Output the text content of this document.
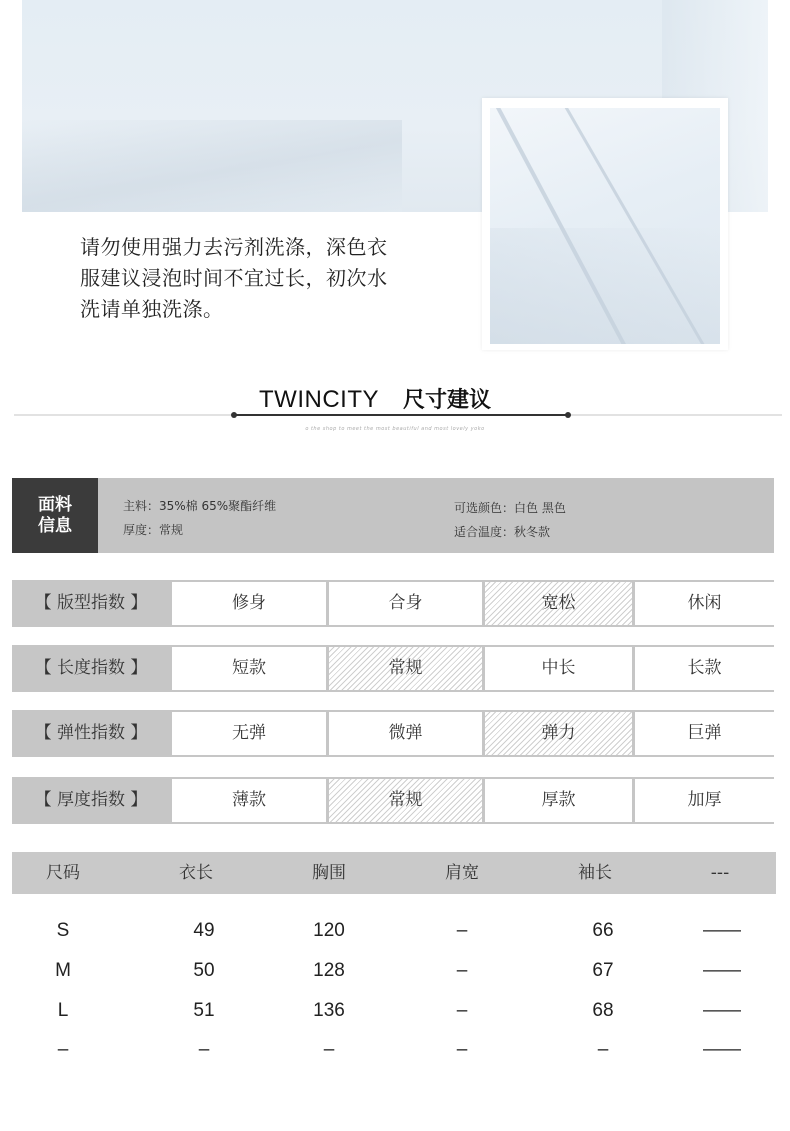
请勿使用强力去污剂洗涤，深色衣
服建议浸泡时间不宜过长，初次水
洗请单独洗涤。
TWINCITY 尺寸建议
o the shop to meet the most beautiful and most lovely yoko
面料
信息
主料：35%棉 65%聚酯纤维
厚度：常规
可选颜色：白色 黑色
适合温度：秋冬款
【 版型指数 】	修身	合身	宽松	休闲
【 长度指数 】	短款	常规	中长	长款
【 弹性指数 】	无弹	微弹	弹力	巨弹
【 厚度指数 】	薄款	常规	厚款	加厚
尺码	衣长	胸围	肩宽	袖长	---
S	49	120	–	66	——
M	50	128	–	67	——
L	51	136	–	68	——
–	–	–	–	–	——
